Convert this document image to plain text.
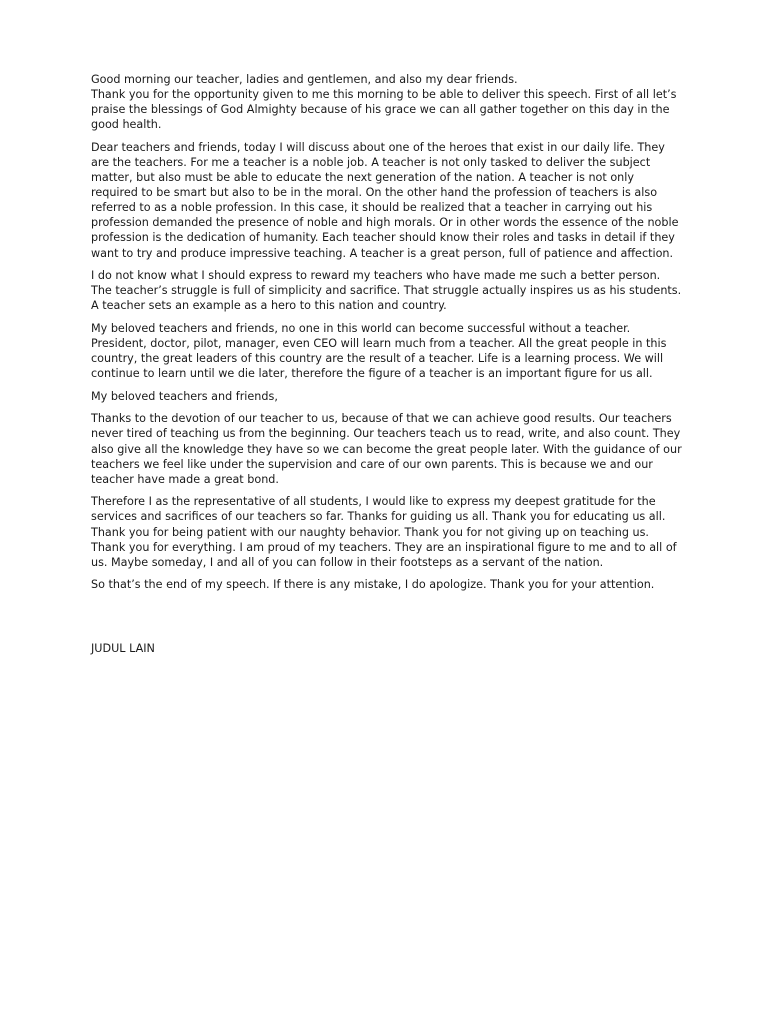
Good morning our teacher, ladies and gentlemen, and also my dear friends.
Thank you for the opportunity given to me this morning to be able to deliver this speech. First of all let’s
praise the blessings of God Almighty because of his grace we can all gather together on this day in the
good health.

Dear teachers and friends, today I will discuss about one of the heroes that exist in our daily life. They
are the teachers. For me a teacher is a noble job. A teacher is not only tasked to deliver the subject
matter, but also must be able to educate the next generation of the nation. A teacher is not only
required to be smart but also to be in the moral. On the other hand the profession of teachers is also
referred to as a noble profession. In this case, it should be realized that a teacher in carrying out his
profession demanded the presence of noble and high morals. Or in other words the essence of the noble
profession is the dedication of humanity. Each teacher should know their roles and tasks in detail if they
want to try and produce impressive teaching. A teacher is a great person, full of patience and affection.

I do not know what I should express to reward my teachers who have made me such a better person.
The teacher’s struggle is full of simplicity and sacrifice. That struggle actually inspires us as his students.
A teacher sets an example as a hero to this nation and country.

My beloved teachers and friends, no one in this world can become successful without a teacher.
President, doctor, pilot, manager, even CEO will learn much from a teacher. All the great people in this
country, the great leaders of this country are the result of a teacher. Life is a learning process. We will
continue to learn until we die later, therefore the figure of a teacher is an important figure for us all.

My beloved teachers and friends,

Thanks to the devotion of our teacher to us, because of that we can achieve good results. Our teachers
never tired of teaching us from the beginning. Our teachers teach us to read, write, and also count. They
also give all the knowledge they have so we can become the great people later. With the guidance of our
teachers we feel like under the supervision and care of our own parents. This is because we and our
teacher have made a great bond.

Therefore I as the representative of all students, I would like to express my deepest gratitude for the
services and sacrifices of our teachers so far. Thanks for guiding us all. Thank you for educating us all.
Thank you for being patient with our naughty behavior. Thank you for not giving up on teaching us.
Thank you for everything. I am proud of my teachers. They are an inspirational figure to me and to all of
us. Maybe someday, I and all of you can follow in their footsteps as a servant of the nation.

So that’s the end of my speech. If there is any mistake, I do apologize. Thank you for your attention.

JUDUL LAIN
